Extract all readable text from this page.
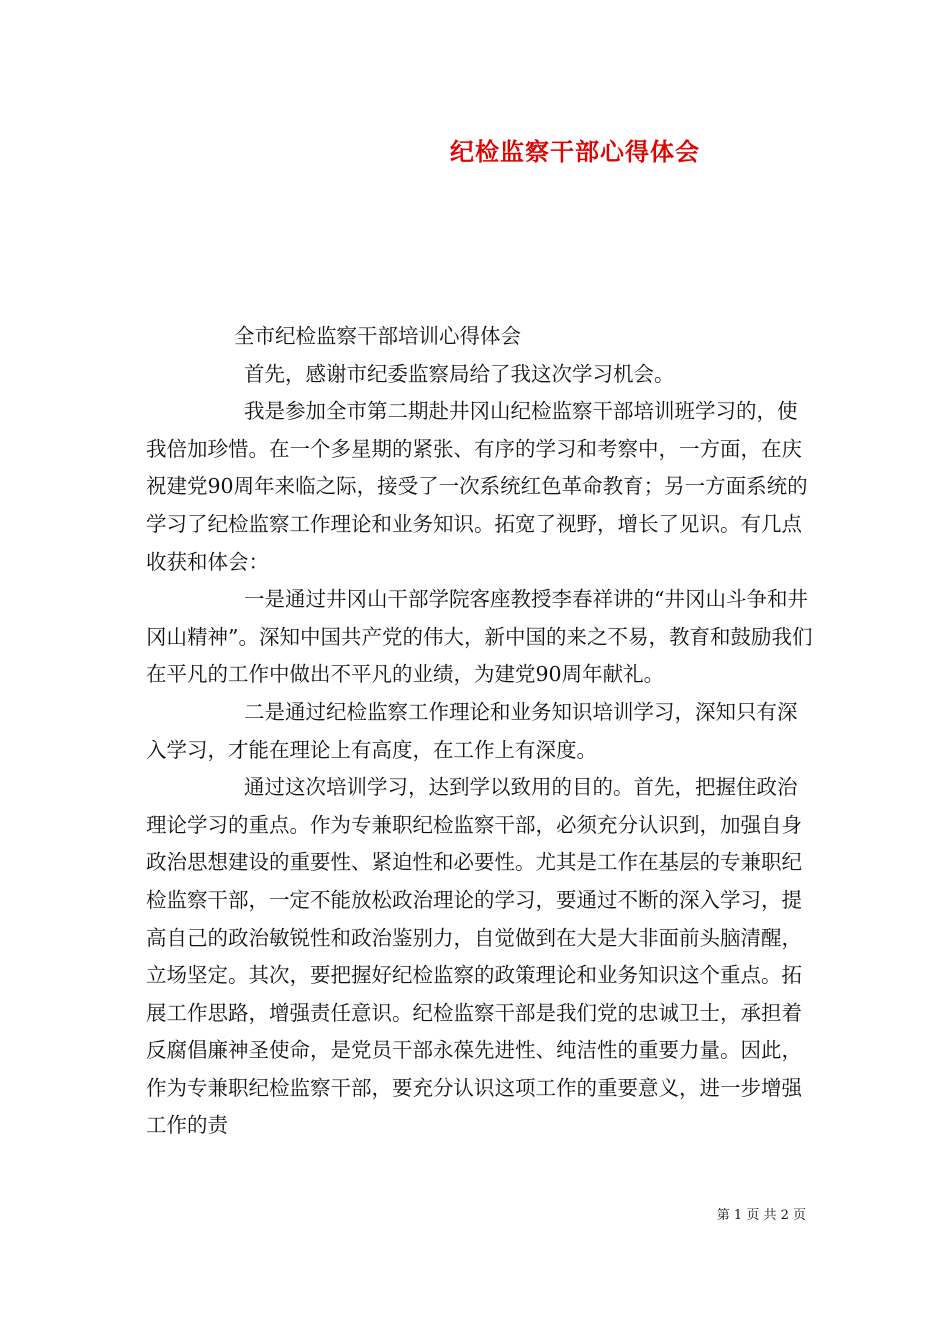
纪检监察干部心得体会

全市纪检监察干部培训心得体会

首先，感谢市纪委监察局给了我这次学习机会。

我是参加全市第二期赴井冈山纪检监察干部培训班学习的，使我倍加珍惜。在一个多星期的紧张、有序的学习和考察中，一方面，在庆祝建党90周年来临之际，接受了一次系统红色革命教育；另一方面系统的学习了纪检监察工作理论和业务知识。拓宽了视野，增长了见识。有几点收获和体会：

一是通过井冈山干部学院客座教授李春祥讲的“井冈山斗争和井冈山精神”。深知中国共产党的伟大，新中国的来之不易，教育和鼓励我们在平凡的工作中做出不平凡的业绩，为建党90周年献礼。

二是通过纪检监察工作理论和业务知识培训学习，深知只有深入学习，才能在理论上有高度，在工作上有深度。

通过这次培训学习，达到学以致用的目的。首先，把握住政治理论学习的重点。作为专兼职纪检监察干部，必须充分认识到，加强自身政治思想建设的重要性、紧迫性和必要性。尤其是工作在基层的专兼职纪检监察干部，一定不能放松政治理论的学习，要通过不断的深入学习，提高自己的政治敏锐性和政治鉴别力，自觉做到在大是大非面前头脑清醒，立场坚定。其次，要把握好纪检监察的政策理论和业务知识这个重点。拓展工作思路，增强责任意识。纪检监察干部是我们党的忠诚卫士，承担着反腐倡廉神圣使命，是党员干部永葆先进性、纯洁性的重要力量。因此，作为专兼职纪检监察干部，要充分认识这项工作的重要意义，进一步增强工作的责

第 1 页 共 2 页
